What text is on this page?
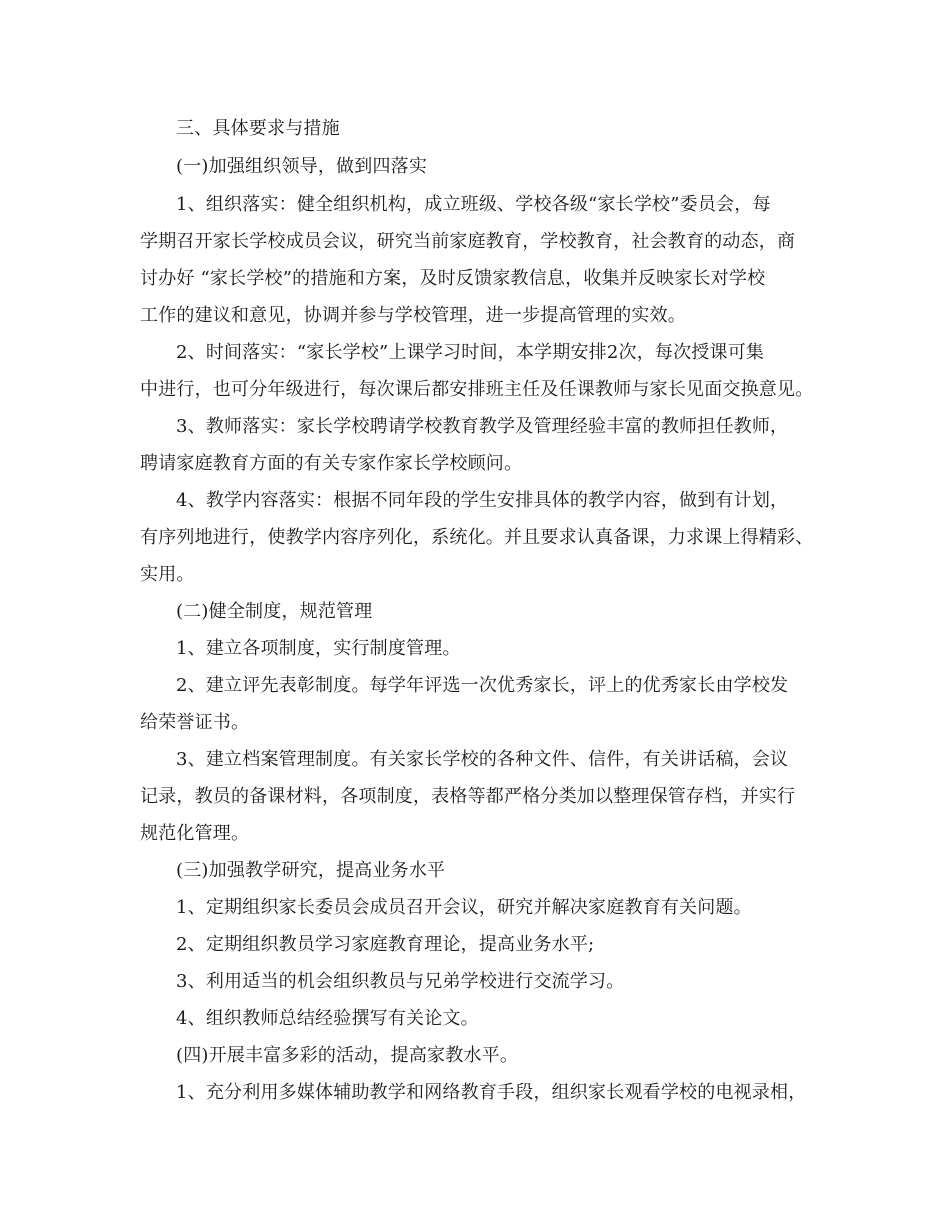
三、具体要求与措施
(一)加强组织领导，做到四落实
1、组织落实：健全组织机构，成立班级、学校各级“家长学校”委员会，每
学期召开家长学校成员会议，研究当前家庭教育，学校教育，社会教育的动态，商
讨办好 “家长学校”的措施和方案，及时反馈家教信息，收集并反映家长对学校
工作的建议和意见，协调并参与学校管理，进一步提高管理的实效。
2、时间落实：“家长学校”上课学习时间，本学期安排2次，每次授课可集
中进行，也可分年级进行，每次课后都安排班主任及任课教师与家长见面交换意见。
3、教师落实：家长学校聘请学校教育教学及管理经验丰富的教师担任教师，
聘请家庭教育方面的有关专家作家长学校顾问。
4、教学内容落实：根据不同年段的学生安排具体的教学内容，做到有计划，
有序列地进行，使教学内容序列化，系统化。并且要求认真备课，力求课上得精彩、
实用。
(二)健全制度，规范管理
1、建立各项制度，实行制度管理。
2、建立评先表彰制度。每学年评选一次优秀家长，评上的优秀家长由学校发
给荣誉证书。
3、建立档案管理制度。有关家长学校的各种文件、信件，有关讲话稿，会议
记录，教员的备课材料，各项制度，表格等都严格分类加以整理保管存档，并实行
规范化管理。
(三)加强教学研究，提高业务水平
1、定期组织家长委员会成员召开会议，研究并解决家庭教育有关问题。
2、定期组织教员学习家庭教育理论，提高业务水平;
3、利用适当的机会组织教员与兄弟学校进行交流学习。
4、组织教师总结经验撰写有关论文。
(四)开展丰富多彩的活动，提高家教水平。
1、充分利用多媒体辅助教学和网络教育手段，组织家长观看学校的电视录相，
